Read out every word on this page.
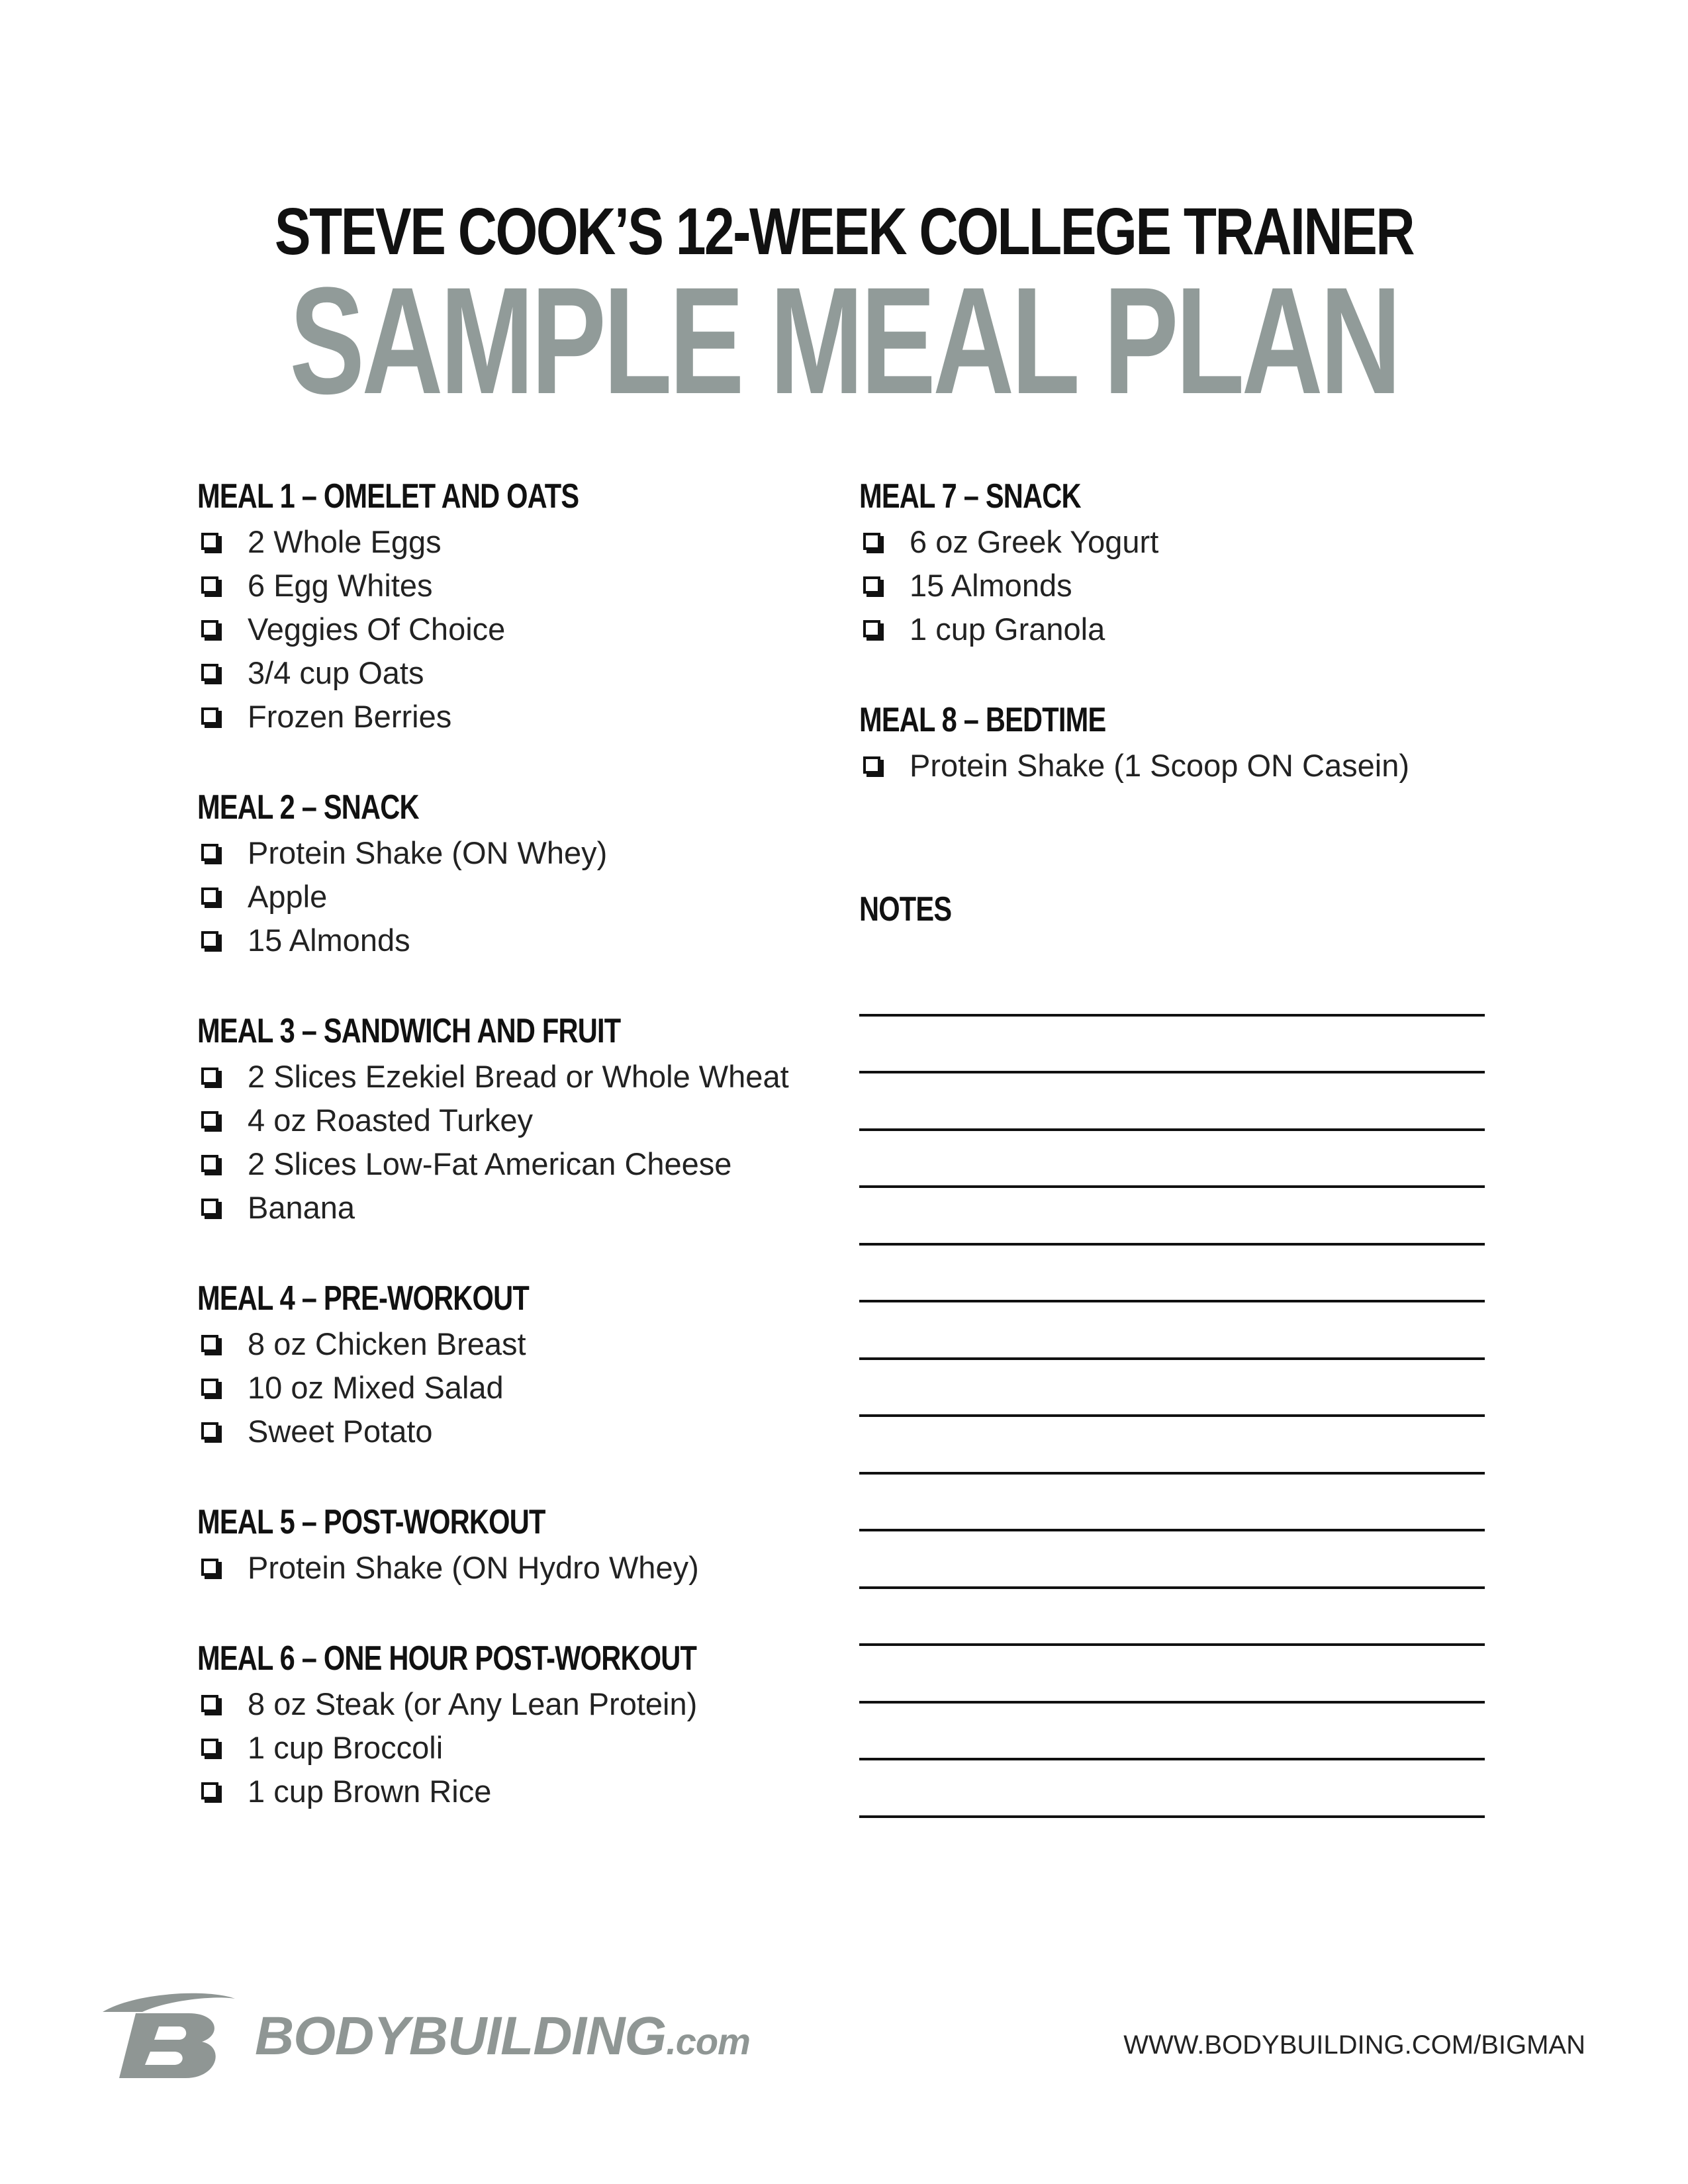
STEVE COOK’S 12-WEEK COLLEGE TRAINER
SAMPLE MEAL PLAN
MEAL 1 – OMELET AND OATS
2 Whole Eggs
6 Egg Whites
Veggies Of Choice
3/4 cup Oats
Frozen Berries
MEAL 2 – SNACK
Protein Shake (ON Whey)
Apple
15 Almonds
MEAL 3 – SANDWICH AND FRUIT
2 Slices Ezekiel Bread or Whole Wheat
4 oz Roasted Turkey
2 Slices Low-Fat American Cheese
Banana
MEAL 4 – PRE-WORKOUT
8 oz Chicken Breast
10 oz Mixed Salad
Sweet Potato
MEAL 5 – POST-WORKOUT
Protein Shake (ON Hydro Whey)
MEAL 6 – ONE HOUR POST-WORKOUT
8 oz Steak (or Any Lean Protein)
1 cup Broccoli
1 cup Brown Rice
MEAL 7 – SNACK
6 oz Greek Yogurt
15 Almonds
1 cup Granola
MEAL 8 – BEDTIME
Protein Shake (1 Scoop ON Casein)
NOTES
BODYBUILDING.com	WWW.BODYBUILDING.COM/BIGMAN
